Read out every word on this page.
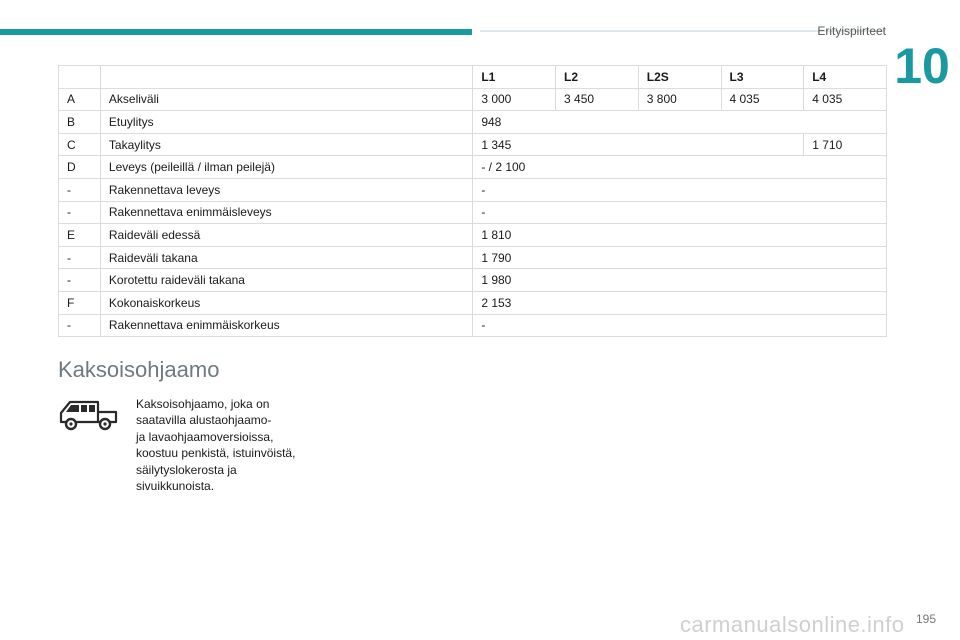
Erityispiirteet
10
		L1	L2	L2S	L3	L4
A	Akseliväli	3 000	3 450	3 800	4 035	4 035
B	Etuylitys	948				
C	Takaylitys	1 345				1 710
D	Leveys (peileillä / ilman peilejä)	- / 2 100				
-	Rakennettava leveys	-				
-	Rakennettava enimmäisleveys	-				
E	Raideväli edessä	1 810				
-	Raideväli takana	1 790				
-	Korotettu raideväli takana	1 980				
F	Kokonaiskorkeus	2 153				
-	Rakennettava enimmäiskorkeus	-				
Kaksoisohjaamo
Kaksoisohjaamo, joka on
saatavilla alustaohjaamo-
ja lavaohjaamoversioissa,
koostuu penkistä, istuinvöistä,
säilytyslokerosta ja
sivuikkunoista.
carmanualsonline.info 195
